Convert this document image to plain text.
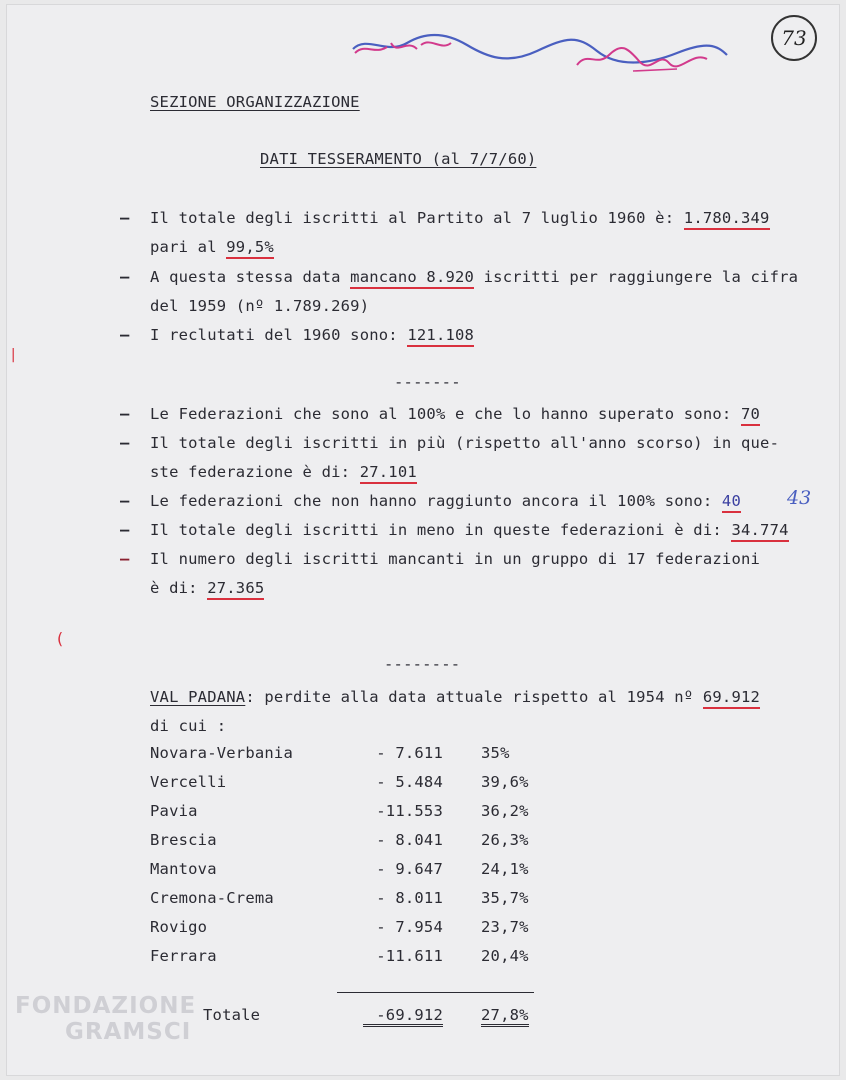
73
SEZIONE ORGANIZZAZIONE
DATI TESSERAMENTO (al 7/7/60)
– Il totale degli iscritti al Partito al 7 luglio 1960 è: 1.780.349
pari al 99,5%
– A questa stessa data mancano 8.920 iscritti per raggiungere la cifra
del 1959 (nº 1.789.269)
– I reclutati del 1960 sono: 121.108
-------
– Le Federazioni che sono al 100% e che lo hanno superato sono: 70
– Il totale degli iscritti in più (rispetto all'anno scorso) in que-
ste federazione è di: 27.101
– Le federazioni che non hanno raggiunto ancora il 100% sono: 40 43
– Il totale degli iscritti in meno in queste federazioni è di: 34.774
– Il numero degli iscritti mancanti in un gruppo di 17 federazioni
è di: 27.365
|
(
--------
VAL PADANA: perdite alla data attuale rispetto al 1954 nº 69.912
di cui :
Novara-Verbania	- 7.611 35%
Vercelli	- 5.484 39,6%
Pavia	-11.553 36,2%
Brescia	- 8.041 26,3%
Mantova	- 9.647 24,1%
Cremona-Crema	- 8.011 35,7%
Rovigo	- 7.954 23,7%
Ferrara	-11.611 20,4%
Totale	-69.912 27,8%
FONDAZIONE
GRAMSCI
